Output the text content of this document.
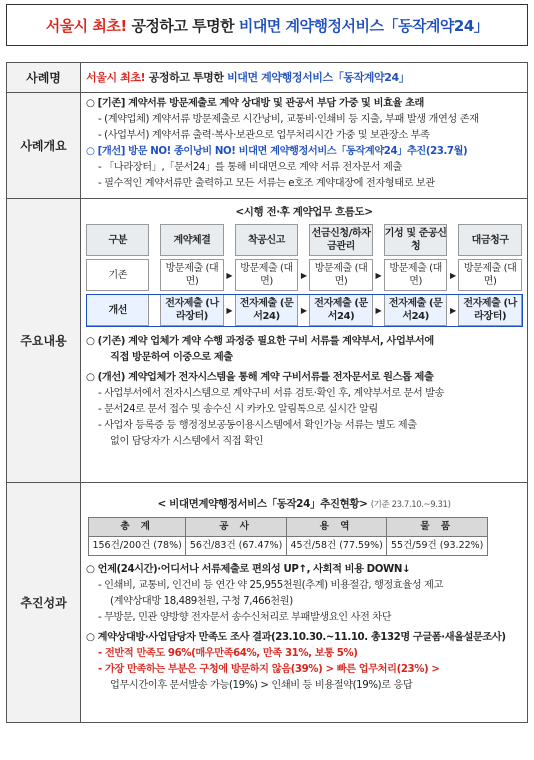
서울시 최초! 공정하고 투명한 비대면 계약행정서비스「동작계약24」
사례명	서울시 최초! 공정하고 투명한 비대면 계약행정서비스「동작계약24」
사례개요	
○ [기존] 계약서류 방문제출로 계약 상대방 및 관공서 부담 가중 및 비효율 초래
- (계약업체) 계약서류 방문제출로 시간낭비, 교통비·인쇄비 등 지출, 부패 발생 개연성 존재
- (사업부서) 계약서류 출력·복사·보관으로 업무처리시간 가중 및 보관장소 부족
○ [개선] 방문 NO! 종이낭비 NO! 비대면 계약행정서비스「동작계약24」추진(23.7월)
- 「나라장터」,「문서24」를 통해 비대면으로 계약 서류 전자문서 제출
- 필수적인 계약서류만 출력하고 모든 서류는 e호조 계약대장에 전자형태로 보관

주요내용	
<시행 전·후 계약업무 흐름도>
구분		계약체결		착공신고		선금신청/하자금관리		기성 및 준공신청		대금청구

기존		방문제출 (대면)	▶	방문제출 (대면)	▶	방문제출 (대면)	▶	방문제출 (대면)	▶	방문제출 (대면)

개선		전자제출 (나라장터)	▶	전자제출 (문서24)	▶	전자제출 (문서24)	▶	전자제출 (문서24)	▶	전자제출 (나라장터)
○ (기존) 계약 업체가 계약 수행 과정중 필요한 구비 서류를 계약부서, 사업부서에
직접 방문하여 이중으로 제출
○ (개선) 계약업체가 전자시스템을 통해 계약 구비서류를 전자문서로 원스톱 제출
- 사업부서에서 전자시스템으로 계약구비 서류 검토·확인 후, 계약부서로 문서 발송
- 문서24로 문서 접수 및 송수신 시 카카오 알림톡으로 실시간 알림
- 사업자 등록증 등 행정정보공동이용시스템에서 확인가능 서류는 별도 제출
없이 담당자가 시스템에서 직접 확인

추진성과	
< 비대면계약행정서비스「동작24」추진현황> (기준 23.7.10.~9.31)
총 계	공 사	용 역	물 품
156건/200건 (78%)	56건/83건 (67.47%)	45건/58건 (77.59%)	55건/59건 (93.22%)
○ 언제(24시간)·어디서나 서류제출로 편의성 UP↑, 사회적 비용 DOWN↓
- 인쇄비, 교통비, 인건비 등 연간 약 25,955천원(추계) 비용절감, 행정효율성 제고
(계약상대방 18,489천원, 구청 7,466천원)
- 무방문, 민관 양방향 전자문서 송수신처리로 부패발생요인 사전 차단
○ 계약상대방·사업담당자 만족도 조사 결과(23.10.30.~11.10. 총132명 구글폼·새올설문조사)
- 전반적 만족도 96%(매우만족64%, 만족 31%, 보통 5%)
- 가장 만족하는 부분은 구청에 방문하지 않음(39%) > 빠른 업무처리(23%) >
업무시간이후 문서발송 가능(19%) > 인쇄비 등 비용절약(19%)로 응답
